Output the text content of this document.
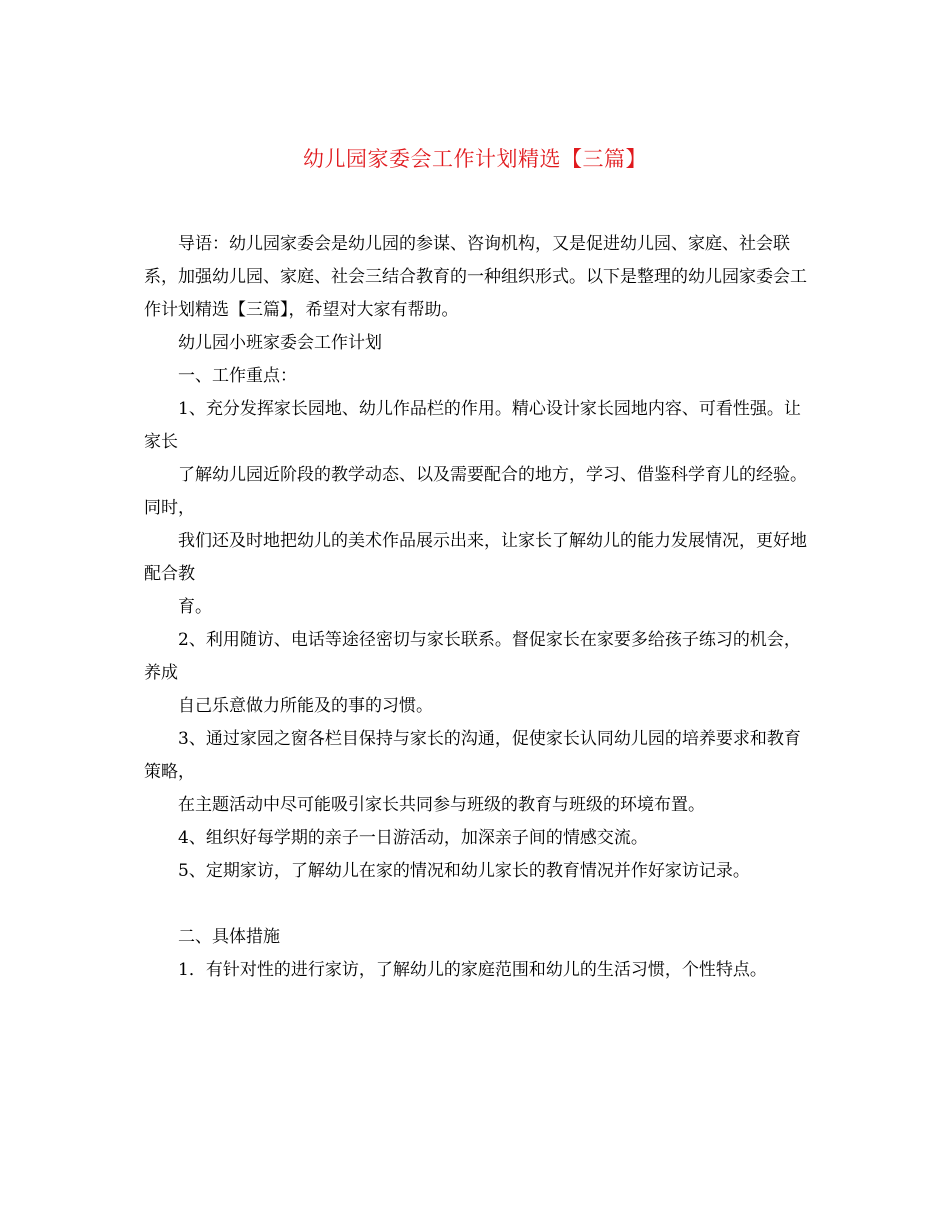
幼儿园家委会工作计划精选【三篇】

导语：幼儿园家委会是幼儿园的参谋、咨询机构，又是促进幼儿园、家庭、社会联系，加强幼儿园、家庭、社会三结合教育的一种组织形式。以下是整理的幼儿园家委会工作计划精选【三篇】，希望对大家有帮助。

幼儿园小班家委会工作计划

一、工作重点：

1、充分发挥家长园地、幼儿作品栏的作用。精心设计家长园地内容、可看性强。让家长

了解幼儿园近阶段的教学动态、以及需要配合的地方，学习、借鉴科学育儿的经验。同时，

我们还及时地把幼儿的美术作品展示出来，让家长了解幼儿的能力发展情况，更好地配合教

育。

2、利用随访、电话等途径密切与家长联系。督促家长在家要多给孩子练习的机会，养成

自己乐意做力所能及的事的习惯。

3、通过家园之窗各栏目保持与家长的沟通，促使家长认同幼儿园的培养要求和教育策略，

在主题活动中尽可能吸引家长共同参与班级的教育与班级的环境布置。

4、组织好每学期的亲子一日游活动，加深亲子间的情感交流。

5、定期家访，了解幼儿在家的情况和幼儿家长的教育情况并作好家访记录。

二、具体措施

1．有针对性的进行家访，了解幼儿的家庭范围和幼儿的生活习惯，个性特点。
